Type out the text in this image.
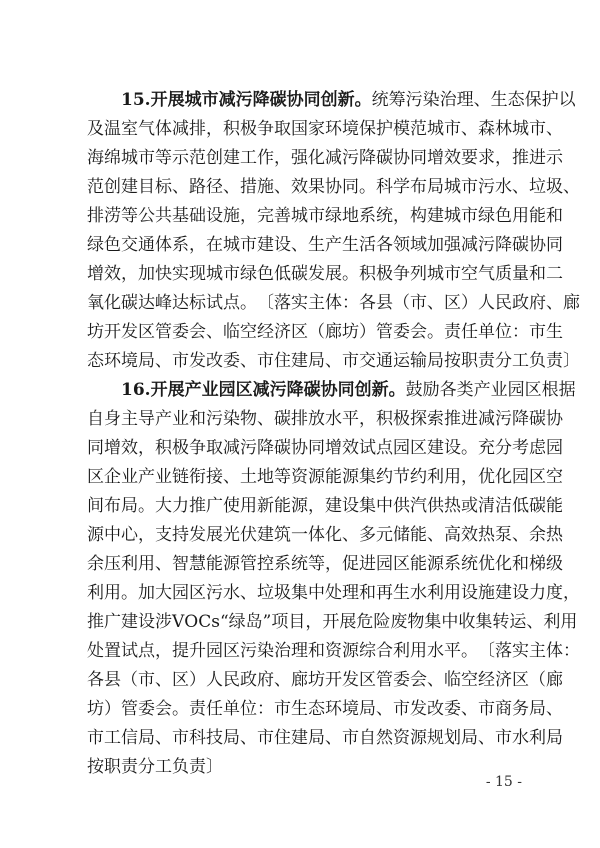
15.开展城市减污降碳协同创新。 统筹污染治理、生态保护以
及 温 室 气 体 减 排 ， 积 极 争 取 国 家 环 境 保 护 模 范 城 市 、 森 林 城 市 、
海 绵 城 市 等 示 范 创 建 工 作 ， 强 化 减 污 降 碳 协 同 增 效 要 求 ， 推 进 示
范 创 建 目 标 、 路 径 、 措 施 、 效 果 协 同 。 科 学 布 局 城 市 污 水 、 垃 圾 、
排 涝 等 公 共 基 础 设 施 ， 完 善 城 市 绿 地 系 统 ， 构 建 城 市 绿 色 用 能 和
绿 色 交 通 体 系 ， 在 城 市 建 设 、 生 产 生 活 各 领 域 加 强 减 污 降 碳 协 同
增 效 ， 加 快 实 现 城 市 绿 色 低 碳 发 展 。 积 极 争 列 城 市 空 气 质 量 和 二
氧 化 碳 达 峰 达 标 试 点 。 〔 落 实 主 体 ： 各 县 （ 市 、 区 ） 人 民 政 府 、 廊
坊 开 发 区 管 委 会 、 临 空 经 济 区 （ 廊 坊 ） 管 委 会 。 责 任 单 位 ： 市 生
态 环 境 局 、 市 发 改 委 、 市 住 建 局 、 市 交 通 运 输 局 按 职 责 分 工 负 责 〕
16.开展产业园区减污降碳协同创新。 鼓励各类产业园区根据
自 身 主 导 产 业 和 污 染 物 、 碳 排 放 水 平 ， 积 极 探 索 推 进 减 污 降 碳 协
同 增 效 ， 积 极 争 取 减 污 降 碳 协 同 增 效 试 点 园 区 建 设 。 充 分 考 虑 园
区 企 业 产 业 链 衔 接 、 土 地 等 资 源 能 源 集 约 节 约 利 用 ， 优 化 园 区 空
间 布 局 。 大 力 推 广 使 用 新 能 源 ， 建 设 集 中 供 汽 供 热 或 清 洁 低 碳 能
源 中 心 ， 支 持 发 展 光 伏 建 筑 一 体 化 、 多 元 储 能 、 高 效 热 泵 、 余 热
余 压 利 用 、 智 慧 能 源 管 控 系 统 等 ， 促 进 园 区 能 源 系 统 优 化 和 梯 级
利 用 。 加 大 园 区 污 水 、 垃 圾 集 中 处 理 和 再 生 水 利 用 设 施 建 设 力 度 ，
推 广 建 设 涉 V O C s “ 绿 岛 ” 项 目 ， 开 展 危 险 废 物 集 中 收 集 转 运 、 利 用
处 置 试 点 ， 提 升 园 区 污 染 治 理 和 资 源 综 合 利 用 水 平 。 〔 落 实 主 体 ：
各 县 （ 市 、 区 ） 人 民 政 府 、 廊 坊 开 发 区 管 委 会 、 临 空 经 济 区 （ 廊
坊 ） 管 委 会 。 责 任 单 位 ： 市 生 态 环 境 局 、 市 发 改 委 、 市 商 务 局 、
市 工 信 局 、 市 科 技 局 、 市 住 建 局 、 市 自 然 资 源 规 划 局 、 市 水 利 局
按职责分工负责〕
- 15 -
